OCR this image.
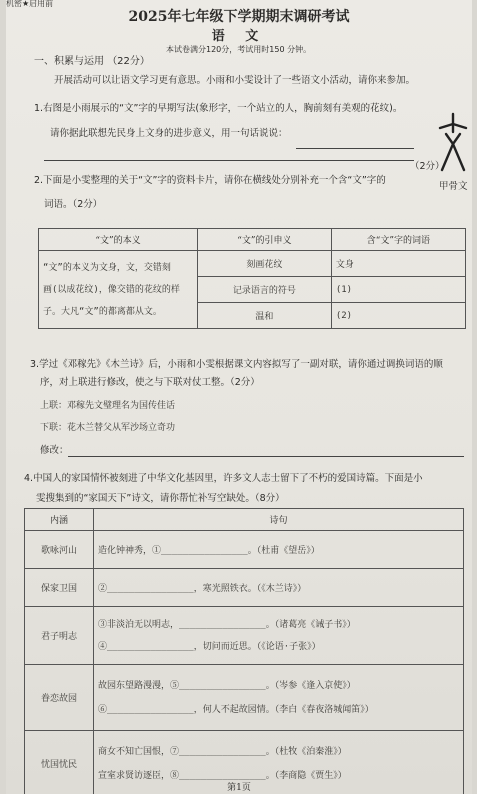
机密★启用前
2025年七年级下学期期末调研考试
语 文
本试卷满分120分，考试用时150 分钟。
一、积累与运用 （22分）
开展活动可以让语文学习更有意思。小雨和小雯设计了一些语文小活动，请你来参加。
1.右图是小雨展示的“文”字的早期写法(象形字，一个站立的人，胸前刻有美观的花纹)。
请你据此联想先民身上文身的进步意义，用一句话说说：
（2分）
甲骨文
2.下面是小雯整理的关于“文”字的资料卡片，请你在横线处分别补充一个含“文”字的
词语。（2分）
“文”的本义	“文”的引申义	含“文”字的词语

“文”的本义为文身，文，交错刻
画(以成花纹)，像交错的花纹的样
子。大凡“文”的都离都从文。	刻画花纹	文身
	记录语言的符号	(1)
	温和	(2)
3.学过《邓稼先》《木兰诗》后，小雨和小雯根据课文内容拟写了一副对联，请你通过调换词语的顺
序，对上联进行修改，使之与下联对仗工整。（2分）
上联：邓稼先文璧理名为国传佳话
下联：花木兰替父从军沙场立奇功
修改：
4.中国人的家国情怀被刻进了中华文化基因里，许多文人志士留下了不朽的爱国诗篇。下面是小
雯搜集到的“家国天下”诗文，请你帮忙补写空缺处。（8分）
内涵	诗句
歌咏河山	造化钟神秀，①________________。（杜甫《望岳》）

保家卫国	②________________，寒光照铁衣。（《木兰诗》）

君子明志	③非淡泊无以明志，________________。（诸葛亮《诫子书》）
④________________，切问而近思。（《论语·子张》）

眷恋故园	故园东望路漫漫，⑤________________。（岑参《逢入京使》）
⑥________________，何人不起故园情。（李白《春夜洛城闻笛》）

忧国忧民	商女不知亡国恨，⑦________________。（杜牧《泊秦淮》）
宣室求贤访逐臣，⑧________________。（李商隐《贾生》）
第1页
